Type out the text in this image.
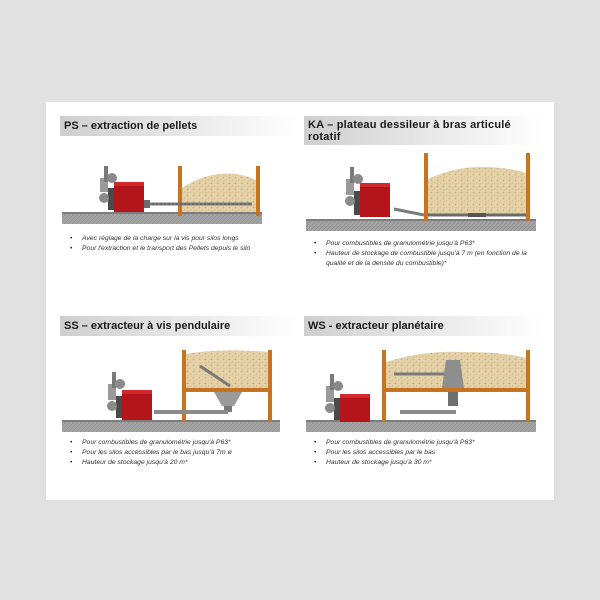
PS – extraction de pellets
• Avec réglage de la charge sur la vis pour silos longs
• Pour l'extraction et le transport des Pellets depuis le silo
KA – plateau dessileur à bras articulé rotatif
• Pour combustibles de granulométrie jusqu'à P63*
• Hauteur de stockage de combustible jusqu'à 7 m (en fonction de la qualité et de la densité du combustible)*
SS – extracteur à vis pendulaire
• Pour combustibles de granulométrie jusqu'à P63*
• Pour les silos accessibles par le bas jusqu'à 7m ø
• Hauteur de stockage jusqu'à 20 m*
WS - extracteur planétaire
• Pour combustibles de granulométrie jusqu'à P63*
• Pour les silos accessibles par le bas
• Hauteur de stockage jusqu'à 30 m*
